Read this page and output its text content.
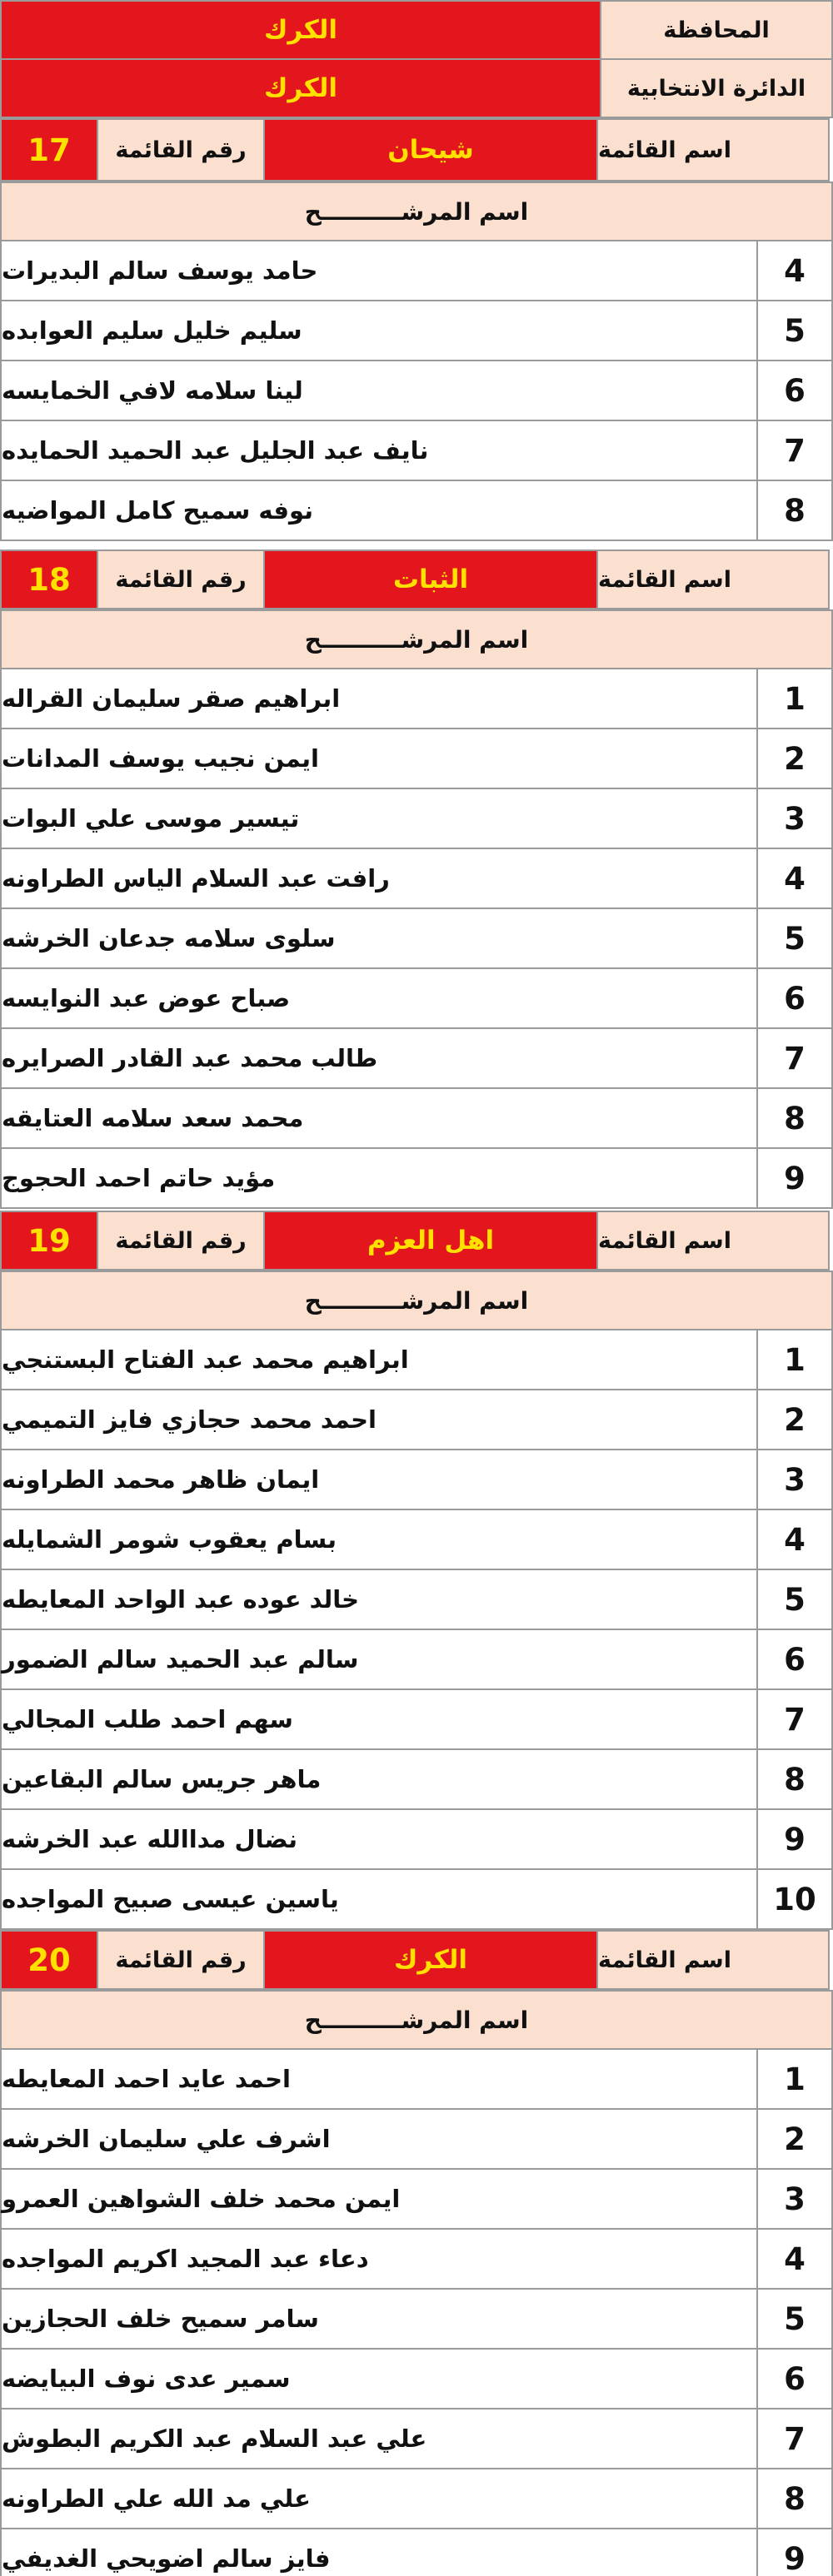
الكرك	المحافظة
الكرك	الدائرة الانتخابية
17	رقم القائمة	شيحان	اسم القائمة
اسم المرشــــــــــح
حامد يوسف سالم البديرات	4
سليم خليل سليم العوابده	5
لينا سلامه لافي الخمايسه	6
نايف عبد الجليل عبد الحميد الحمايده	7
نوفه سميح كامل المواضيه	8
18	رقم القائمة	الثبات	اسم القائمة
اسم المرشــــــــــح
ابراهيم صقر سليمان القراله	1
ايمن نجيب يوسف المدانات	2
تيسير موسى علي البوات	3
رافت عبد السلام الياس الطراونه	4
سلوى سلامه جدعان الخرشه	5
صباح عوض عبد النوايسه	6
طالب محمد عبد القادر الصرايره	7
محمد سعد سلامه العتايقه	8
مؤيد حاتم احمد الحجوج	9
19	رقم القائمة	اهل العزم	اسم القائمة
اسم المرشــــــــــح
ابراهيم محمد عبد الفتاح البستنجي	1
احمد محمد حجازي فايز التميمي	2
ايمان ظاهر محمد الطراونه	3
بسام يعقوب شومر الشمايله	4
خالد عوده عبد الواحد المعايطه	5
سالم عبد الحميد سالم الضمور	6
سهم احمد طلب المجالي	7
ماهر جريس سالم البقاعين	8
نضال مداالله عبد الخرشه	9
ياسين عيسى صبيح المواجده	10
20	رقم القائمة	الكرك	اسم القائمة
اسم المرشــــــــــح
احمد عايد احمد المعايطه	1
اشرف علي سليمان الخرشه	2
ايمن محمد خلف الشواهين العمرو	3
دعاء عبد المجيد اكريم المواجده	4
سامر سميح خلف الحجازين	5
سمير عدى نوف البيايضه	6
علي عبد السلام عبد الكريم البطوش	7
علي مد الله علي الطراونه	8
فايز سالم اضويحي الغديفي	9
